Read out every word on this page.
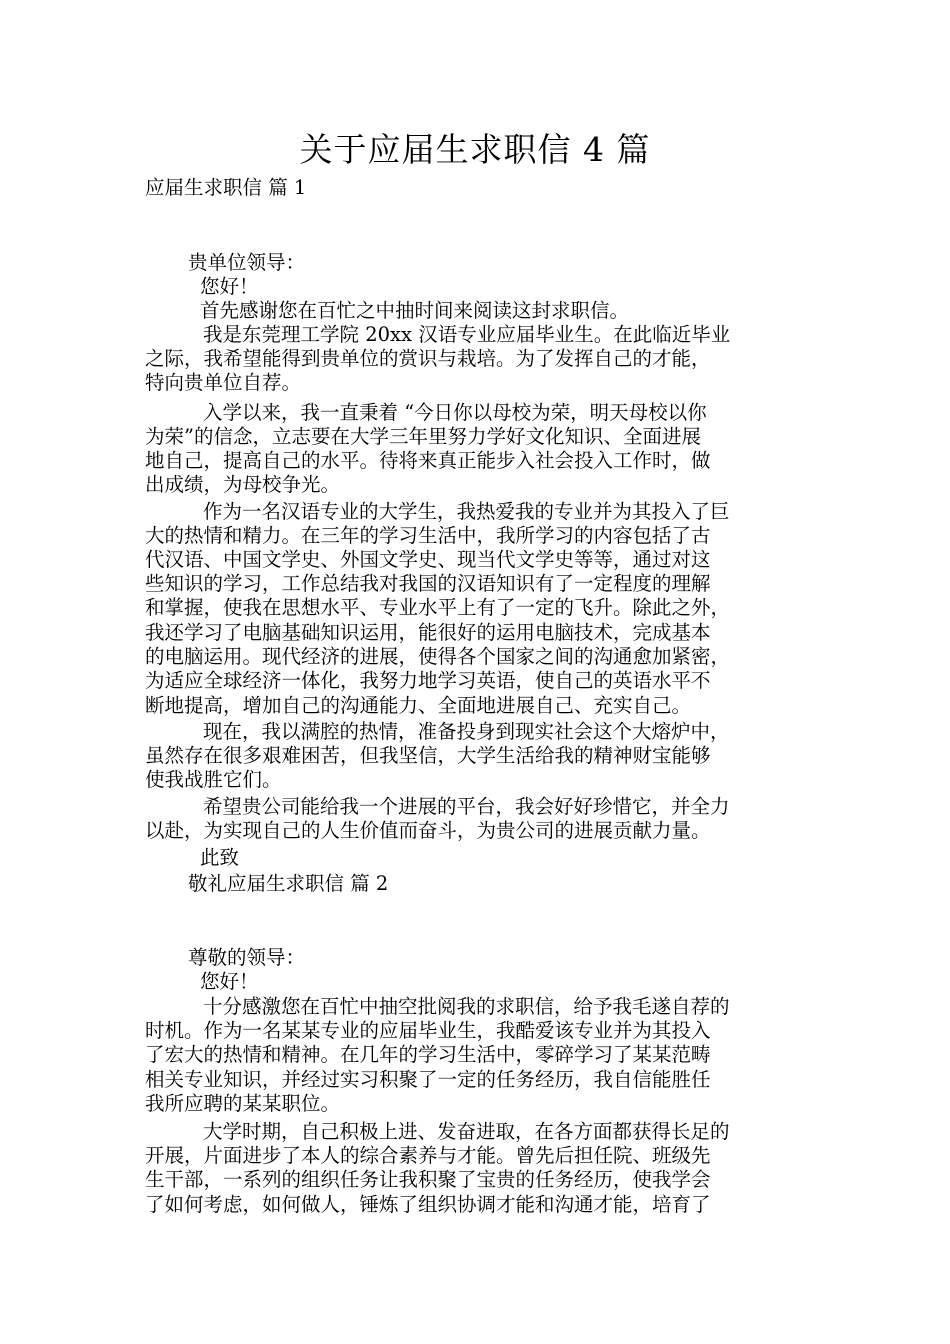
关于应届生求职信 4 篇
应届生求职信 篇 1
贵单位领导：
您好！
首先感谢您在百忙之中抽时间来阅读这封求职信。
我是东莞理工学院 20xx 汉语专业应届毕业生。在此临近毕业
之际，我希望能得到贵单位的赏识与栽培。为了发挥自己的才能，
特向贵单位自荐。
入学以来，我一直秉着 “今日你以母校为荣，明天母校以你
为荣”的信念，立志要在大学三年里努力学好文化知识、全面进展
地自己，提高自己的水平。待将来真正能步入社会投入工作时，做
出成绩，为母校争光。
作为一名汉语专业的大学生，我热爱我的专业并为其投入了巨
大的热情和精力。在三年的学习生活中，我所学习的内容包括了古
代汉语、中国文学史、外国文学史、现当代文学史等等，通过对这
些知识的学习，工作总结我对我国的汉语知识有了一定程度的理解
和掌握，使我在思想水平、专业水平上有了一定的飞升。除此之外，
我还学习了电脑基础知识运用，能很好的运用电脑技术，完成基本
的电脑运用。现代经济的进展，使得各个国家之间的沟通愈加紧密，
为适应全球经济一体化，我努力地学习英语，使自己的英语水平不
断地提高，增加自己的沟通能力、全面地进展自己、充实自己。
现在，我以满腔的热情，准备投身到现实社会这个大熔炉中，
虽然存在很多艰难困苦，但我坚信，大学生活给我的精神财宝能够
使我战胜它们。
希望贵公司能给我一个进展的平台，我会好好珍惜它，并全力
以赴，为实现自己的人生价值而奋斗，为贵公司的进展贡献力量。
此致
敬礼应届生求职信 篇 2
尊敬的领导：
您好！
十分感激您在百忙中抽空批阅我的求职信，给予我毛遂自荐的
时机。作为一名某某专业的应届毕业生，我酷爱该专业并为其投入
了宏大的热情和精神。在几年的学习生活中，零碎学习了某某范畴
相关专业知识，并经过实习积聚了一定的任务经历，我自信能胜任
我所应聘的某某职位。
大学时期，自己积极上进、发奋进取，在各方面都获得长足的
开展，片面进步了本人的综合素养与才能。曾先后担任院、班级先
生干部，一系列的组织任务让我积聚了宝贵的任务经历，使我学会
了如何考虑，如何做人，锤炼了组织协调才能和沟通才能，培育了
